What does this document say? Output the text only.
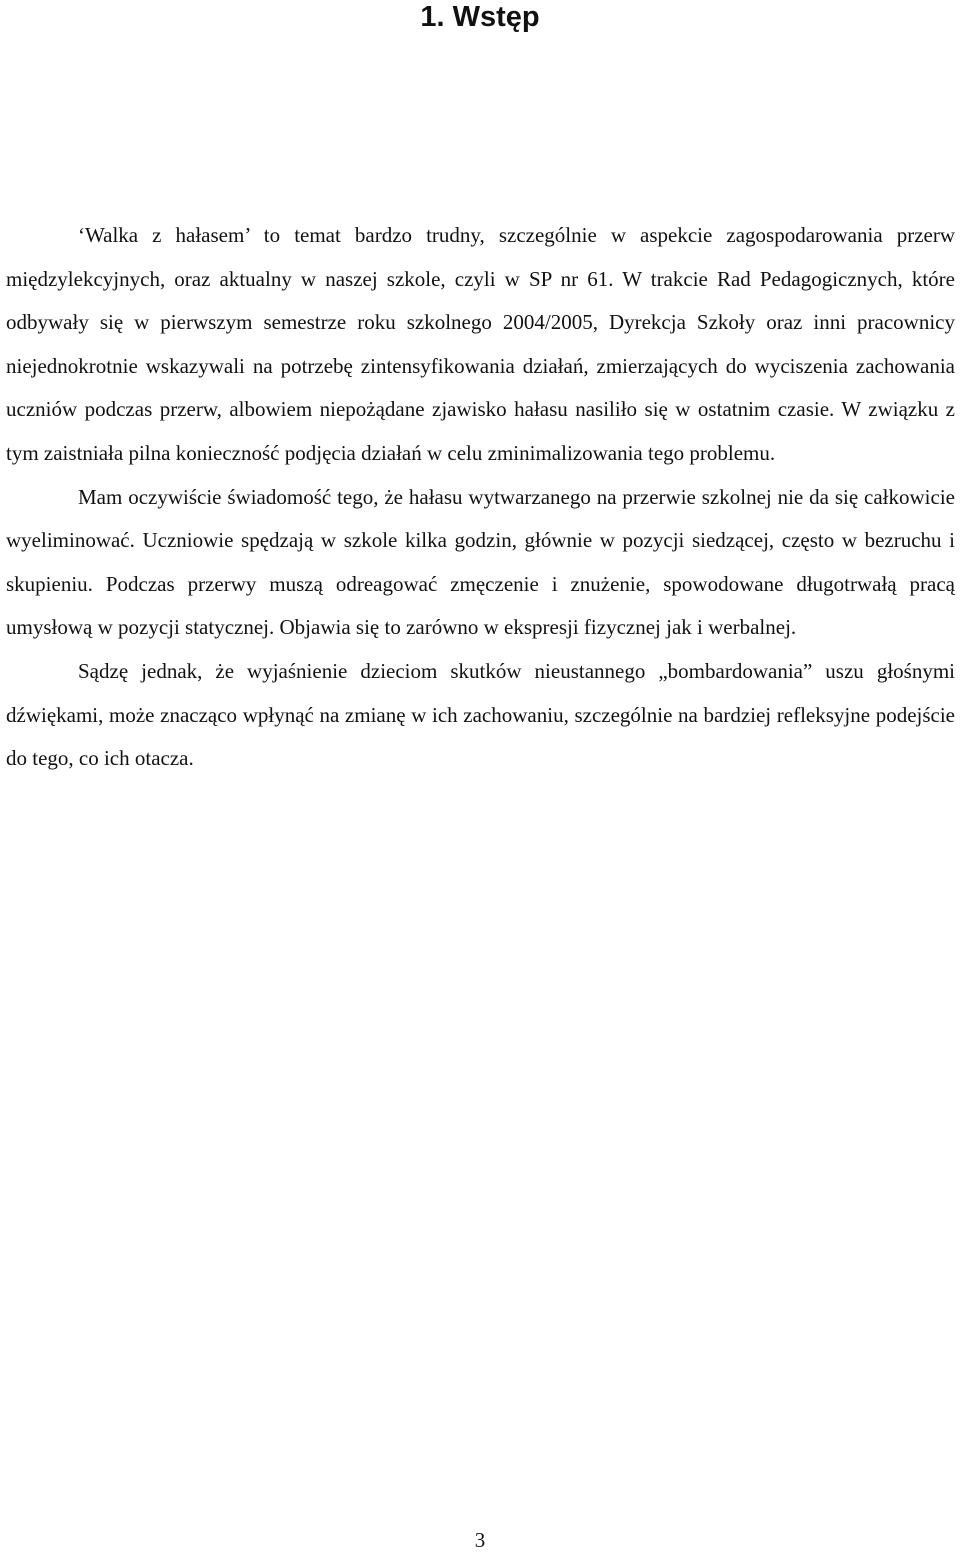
1. Wstęp

‘Walka z hałasem’ to temat bardzo trudny, szczególnie w aspekcie zagospodarowania przerw międzylekcyjnych, oraz aktualny w naszej szkole, czyli w SP nr 61. W trakcie Rad Pedagogicznych, które odbywały się w pierwszym semestrze roku szkolnego 2004/2005, Dyrekcja Szkoły oraz inni pracownicy niejednokrotnie wskazywali na potrzebę zintensyfikowania działań, zmierzających do wyciszenia zachowania uczniów podczas przerw, albowiem niepożądane zjawisko hałasu nasiliło się w ostatnim czasie. W związku z tym zaistniała pilna konieczność podjęcia działań w celu zminimalizowania tego problemu.

Mam oczywiście świadomość tego, że hałasu wytwarzanego na przerwie szkolnej nie da się całkowicie wyeliminować. Uczniowie spędzają w szkole kilka godzin, głównie w pozycji siedzącej, często w bezruchu i skupieniu. Podczas przerwy muszą odreagować zmęczenie i znużenie, spowodowane długotrwałą pracą umysłową w pozycji statycznej. Objawia się to zarówno w ekspresji fizycznej jak i werbalnej.

Sądzę jednak, że wyjaśnienie dzieciom skutków nieustannego „bombardowania” uszu głośnymi dźwiękami, może znacząco wpłynąć na zmianę w ich zachowaniu, szczególnie na bardziej refleksyjne podejście do tego, co ich otacza.

3
